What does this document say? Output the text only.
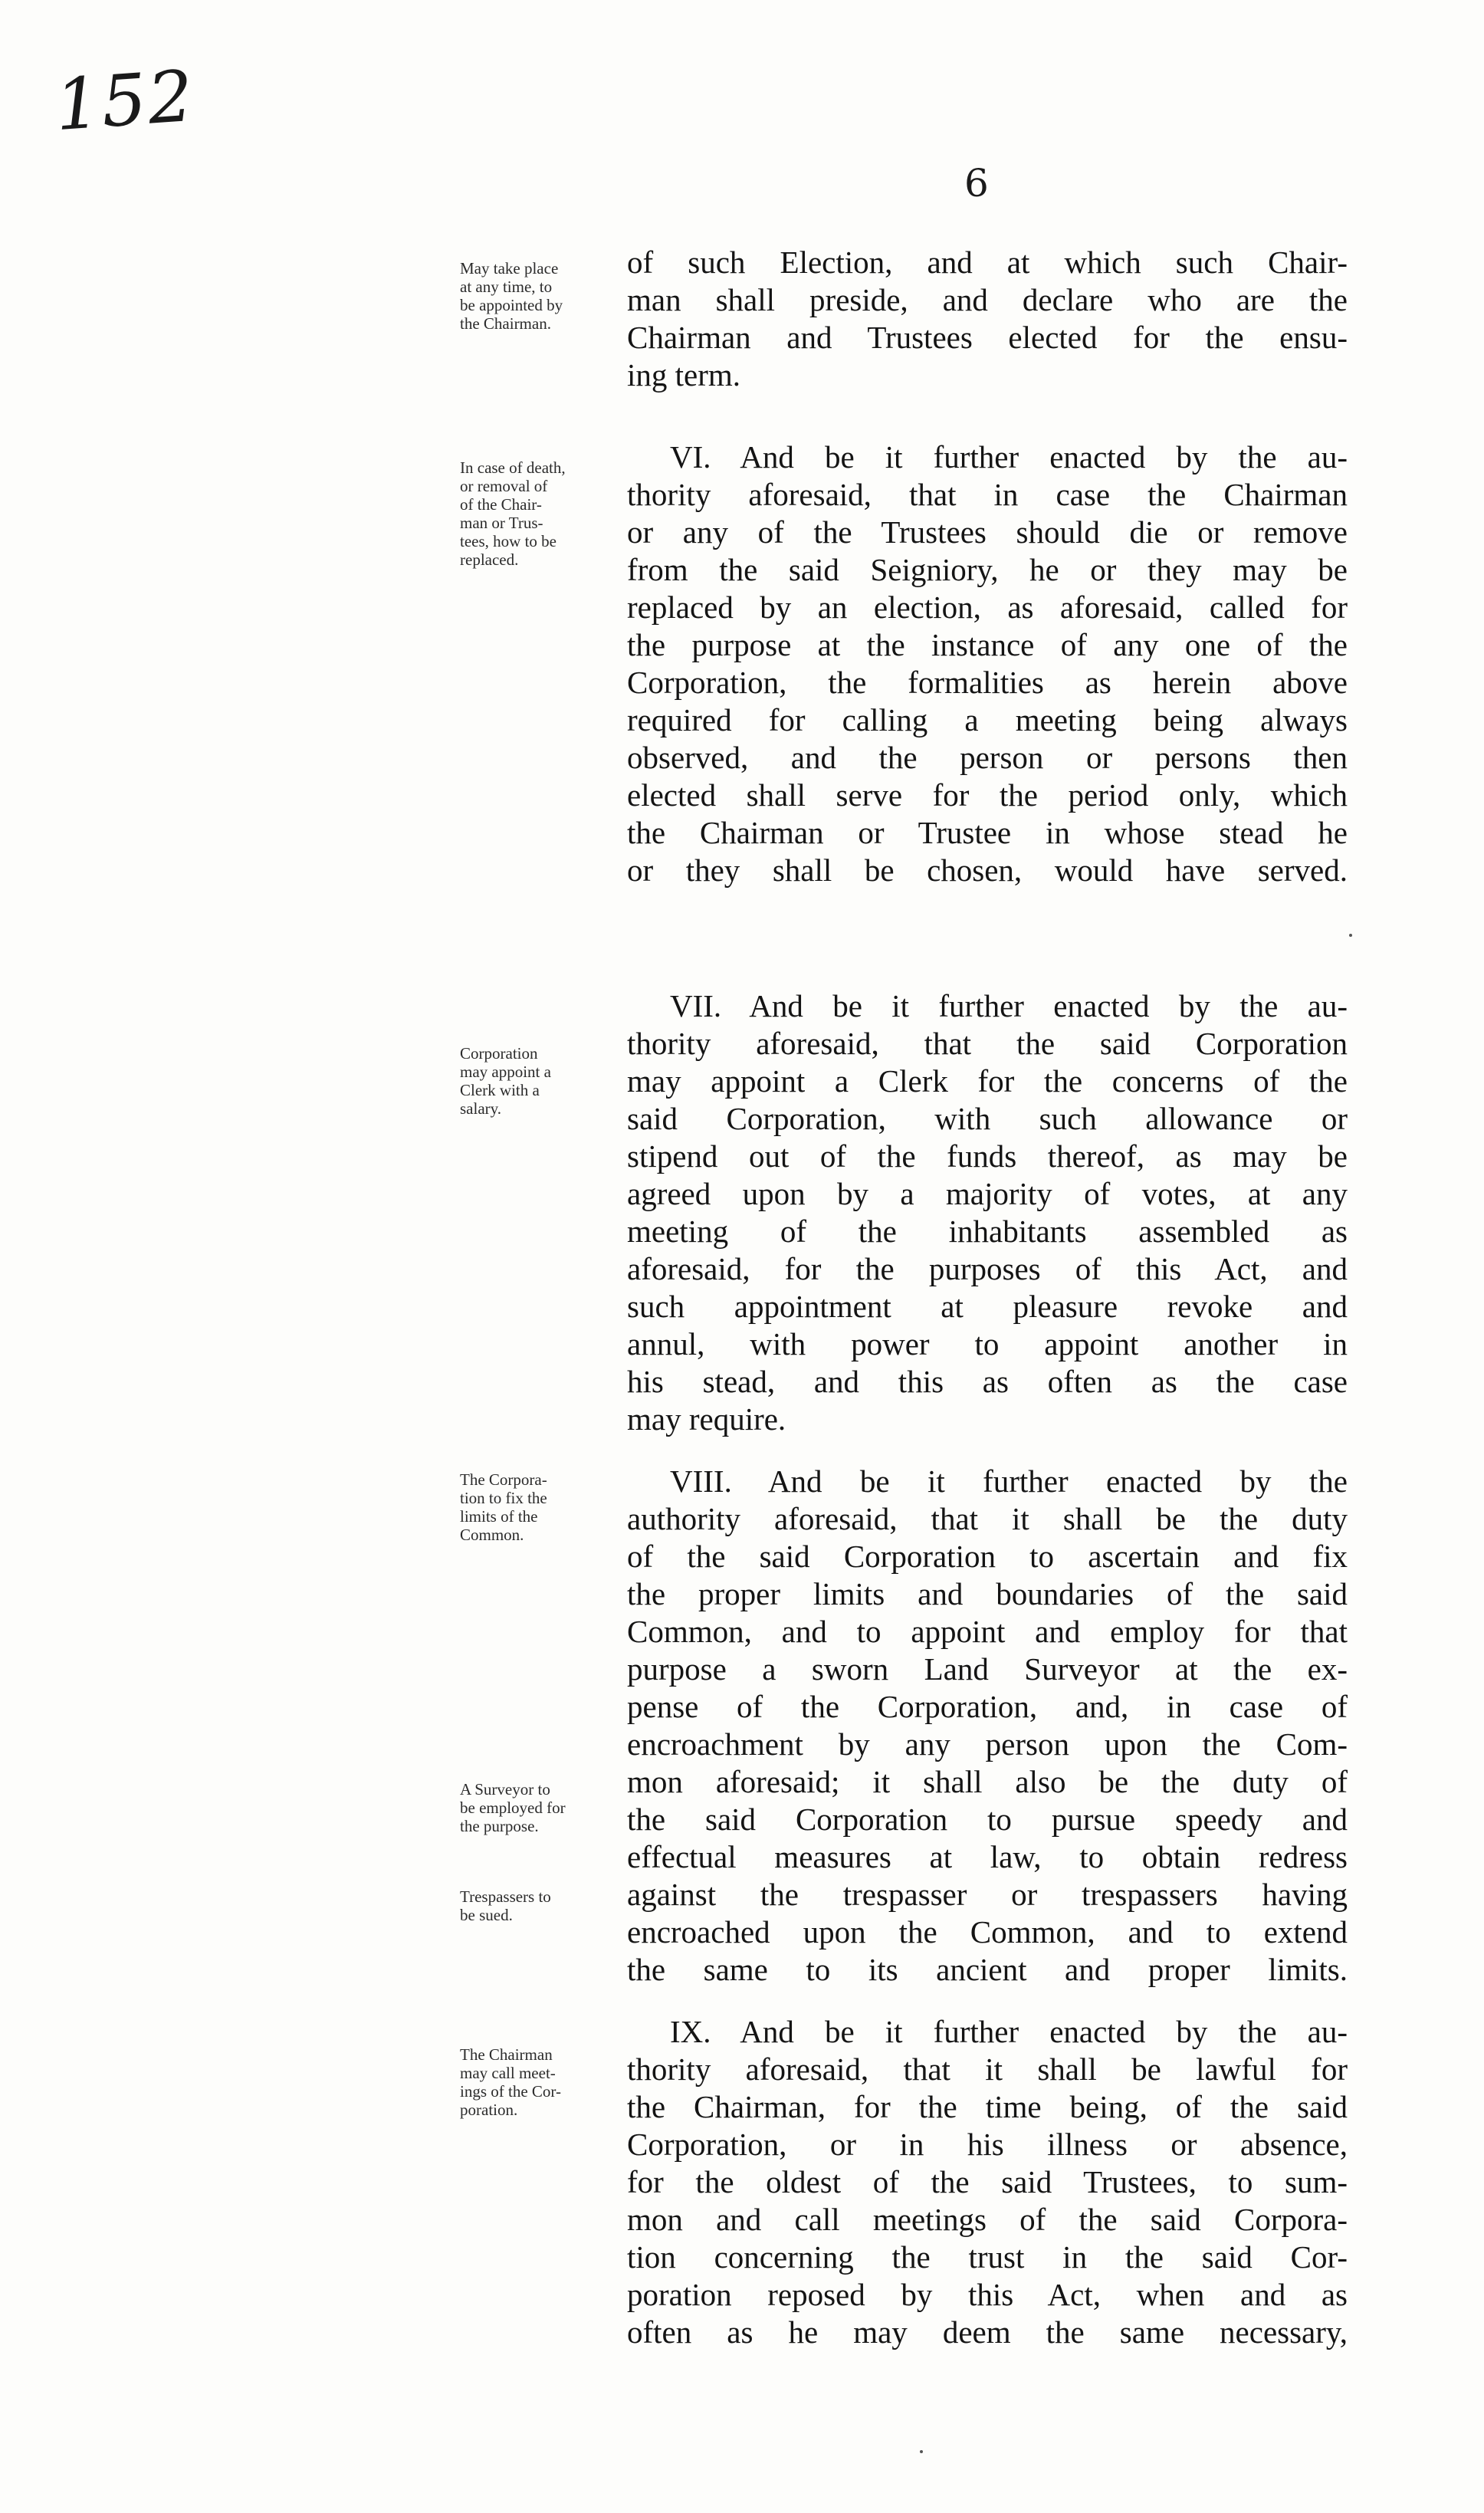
152
6
May take place
at any time, to
be appointed by
the Chairman.
In case of death,
or removal of
of the Chair-
man or Trus-
tees, how to be
replaced.
Corporation
may appoint a
Clerk with a
salary.
The Corpora-
tion to fix the
limits of the
Common.
A Surveyor to
be employed for
the purpose.
Trespassers to
be sued.
The Chairman
may call meet-
ings of the Cor-
poration.
of such Election, and at which such Chair-
man shall preside, and declare who are the
Chairman and Trustees elected for the ensu-
ing term.
VI. And be it further enacted by the au-
thority aforesaid, that in case the Chairman
or any of the Trustees should die or remove
from the said Seigniory, he or they may be
replaced by an election, as aforesaid, called for
the purpose at the instance of any one of the
Corporation, the formalities as herein above
required for calling a meeting being always
observed, and the person or persons then
elected shall serve for the period only, which
the Chairman or Trustee in whose stead he
or they shall be chosen, would have served.
VII. And be it further enacted by the au-
thority aforesaid, that the said Corporation
may appoint a Clerk for the concerns of the
said Corporation, with such allowance or
stipend out of the funds thereof, as may be
agreed upon by a majority of votes, at any
meeting of the inhabitants assembled as
aforesaid, for the purposes of this Act, and
such appointment at pleasure revoke and
annul, with power to appoint another in
his stead, and this as often as the case
may require.
VIII. And be it further enacted by the
authority aforesaid, that it shall be the duty
of the said Corporation to ascertain and fix
the proper limits and boundaries of the said
Common, and to appoint and employ for that
purpose a sworn Land Surveyor at the ex-
pense of the Corporation, and, in case of
encroachment by any person upon the Com-
mon aforesaid; it shall also be the duty of
the said Corporation to pursue speedy and
effectual measures at law, to obtain redress
against the trespasser or trespassers having
encroached upon the Common, and to extend
the same to its ancient and proper limits.
IX. And be it further enacted by the au-
thority aforesaid, that it shall be lawful for
the Chairman, for the time being, of the said
Corporation, or in his illness or absence,
for the oldest of the said Trustees, to sum-
mon and call meetings of the said Corpora-
tion concerning the trust in the said Cor-
poration reposed by this Act, when and as
often as he may deem the same necessary,
